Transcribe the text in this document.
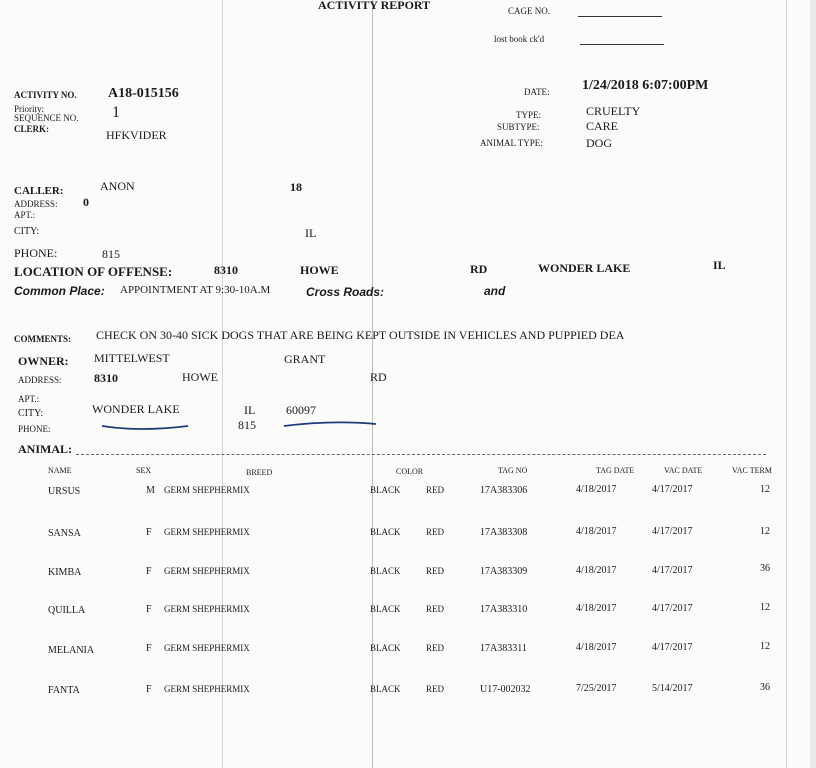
ACTIVITY REPORT	CAGE NO.
lost book ck'd
ACTIVITY NO. A18-015156
Priority:	1
SEQUENCE NO.
CLERK:	HFKVIDER
DATE: 1/24/2018 6:07:00PM
TYPE:	CRUELTY
SUBTYPE:	CARE
ANIMAL TYPE:	DOG
CALLER:	ANON	18
ADDRESS: 0
APT.:
CITY:	IL
PHONE:	815
LOCATION OF OFFENSE:	8310	HOWE	RD	WONDER LAKE	IL
Common Place: APPOINTMENT AT 9:30-10A.M	Cross Roads:	and
COMMENTS: CHECK ON 30-40 SICK DOGS THAT ARE BEING KEPT OUTSIDE IN VEHICLES AND PUPPIED DEA
OWNER: MITTELWEST	GRANT
ADDRESS:	8310	HOWE	RD
APT.:
CITY:	WONDER LAKE	IL	60097
PHONE:	815
ANIMAL:
NAME	SEX	BREED	COLOR	TAG NO	TAG DATE	VAC DATE	VAC TERM
URSUS	M GERM SHEPHERMIX	BLACK	RED	17A383306	4/18/2017	4/17/2017	12
SANSA	F GERM SHEPHERMIX	BLACK	RED	17A383308	4/18/2017	4/17/2017	12
KIMBA	F GERM SHEPHERMIX	BLACK	RED	17A383309	4/18/2017	4/17/2017	36
QUILLA	F GERM SHEPHERMIX	BLACK	RED	17A383310	4/18/2017	4/17/2017	12
MELANIA	F GERM SHEPHERMIX	BLACK	RED	17A383311	4/18/2017	4/17/2017	12
FANTA	F GERM SHEPHERMIX	BLACK	RED	U17-002032	7/25/2017	5/14/2017	36
